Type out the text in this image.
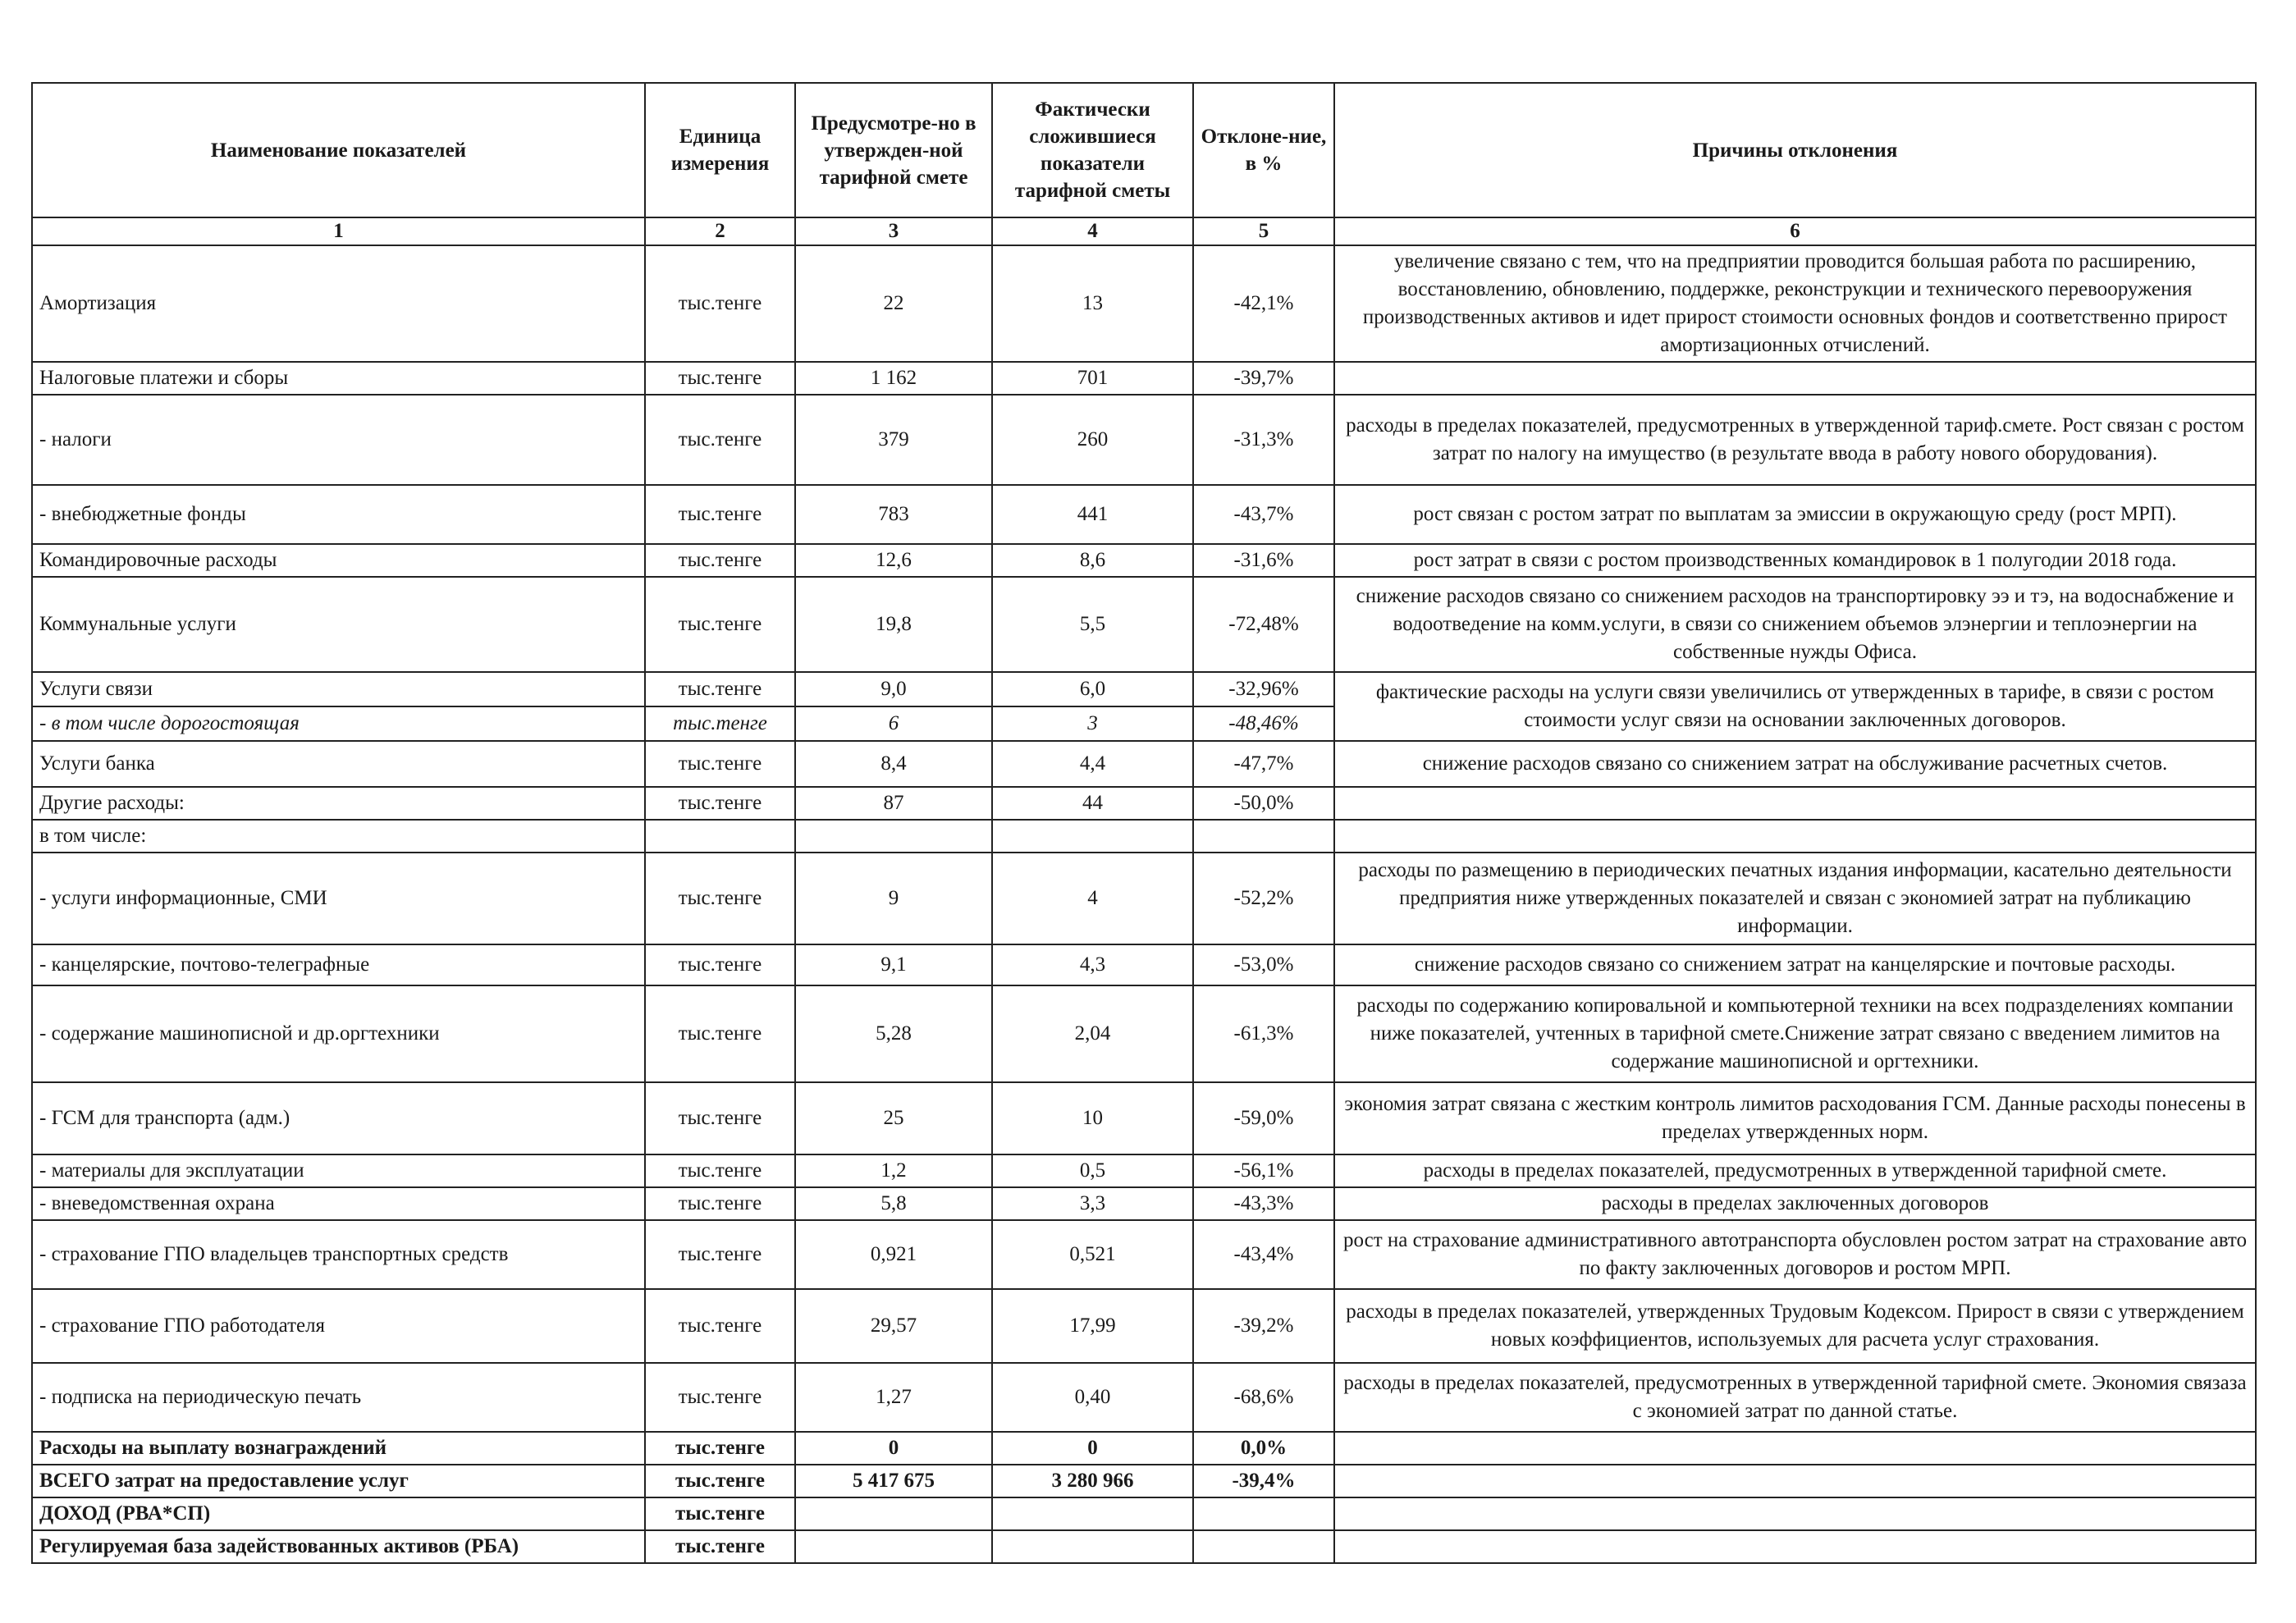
Наименование показателей	Единица измерения	Предусмотре-но в утвержден-ной тарифной смете	Фактически сложившиеся показатели тарифной сметы	Отклоне-ние, в %	Причины отклонения
1	2	3	4	5	6
Амортизация	тыс.тенге	22	13	-42,1%	увеличение связано с тем, что на предприятии проводится большая работа по расширению, восстановлению, обновлению, поддержке, реконструкции и технического перевооружения производственных активов и идет прирост стоимости основных фондов и соответственно прирост амортизационных отчислений.
Налоговые платежи и сборы	тыс.тенге	1 162	701	-39,7%	
- налоги	тыс.тенге	379	260	-31,3%	расходы в пределах показателей, предусмотренных в утвержденной тариф.смете. Рост связан с ростом затрат по налогу на имущество (в результате ввода в работу нового оборудования).
- внебюджетные фонды	тыс.тенге	783	441	-43,7%	рост связан с ростом затрат по выплатам за эмиссии в окружающую среду (рост МРП).
Командировочные расходы	тыс.тенге	12,6	8,6	-31,6%	рост затрат в связи с ростом производственных командировок в 1 полугодии 2018 года.
Коммунальные услуги	тыс.тенге	19,8	5,5	-72,48%	снижение расходов связано со снижением расходов на транспортировку ээ и тэ, на водоснабжение и водоотведение на комм.услуги, в связи со снижением объемов элэнергии и теплоэнергии на собственные нужды Офиса.
Услуги связи	тыс.тенге	9,0	6,0	-32,96%	фактические расходы на услуги связи увеличились от утвержденных в тарифе, в связи с ростом стоимости услуг связи на основании заключенных договоров.
- в том числе дорогостоящая	тыс.тенге	6	3	-48,46%	
Услуги банка	тыс.тенге	8,4	4,4	-47,7%	снижение расходов связано со снижением затрат на обслуживание расчетных счетов.
Другие расходы:	тыс.тенге	87	44	-50,0%	
в том числе:					
- услуги информационные, СМИ	тыс.тенге	9	4	-52,2%	расходы по размещению в периодических печатных издания информации, касательно деятельности предприятия ниже утвержденных показателей и связан с экономией затрат на публикацию информации.
- канцелярские, почтово-телеграфные	тыс.тенге	9,1	4,3	-53,0%	снижение расходов связано со снижением затрат на канцелярские и почтовые расходы.
- содержание машинописной и др.оргтехники	тыс.тенге	5,28	2,04	-61,3%	расходы по содержанию копировальной и компьютерной техники на всех подразделениях компании ниже показателей, учтенных в тарифной смете.Снижение затрат связано с введением лимитов на содержание машинописной и оргтехники.
- ГСМ для транспорта (адм.)	тыс.тенге	25	10	-59,0%	экономия затрат связана с жестким контроль лимитов расходования ГСМ. Данные расходы понесены в пределах утвержденных норм.
- материалы для эксплуатации	тыс.тенге	1,2	0,5	-56,1%	расходы в пределах показателей, предусмотренных в утвержденной тарифной смете.
- вневедомственная охрана	тыс.тенге	5,8	3,3	-43,3%	расходы в пределах заключенных договоров
- страхование ГПО владельцев транспортных средств	тыс.тенге	0,921	0,521	-43,4%	рост на страхование административного автотранспорта обусловлен ростом затрат на страхование авто по факту заключенных договоров и ростом МРП.
- страхование ГПО работодателя	тыс.тенге	29,57	17,99	-39,2%	расходы в пределах показателей, утвержденных Трудовым Кодексом. Прирост в связи с утверждением новых коэффициентов, используемых для расчета услуг страхования.
- подписка на периодическую печать	тыс.тенге	1,27	0,40	-68,6%	расходы в пределах показателей, предусмотренных в утвержденной тарифной смете. Экономия связаза с экономией затрат по данной статье.
Расходы на выплату вознаграждений	тыс.тенге	0	0	0,0%	
ВСЕГО затрат на предоставление услуг	тыс.тенге	5 417 675	3 280 966	-39,4%	
ДОХОД (РВА*СП)	тыс.тенге				
Регулируемая база задействованных активов (РБА)	тыс.тенге				
